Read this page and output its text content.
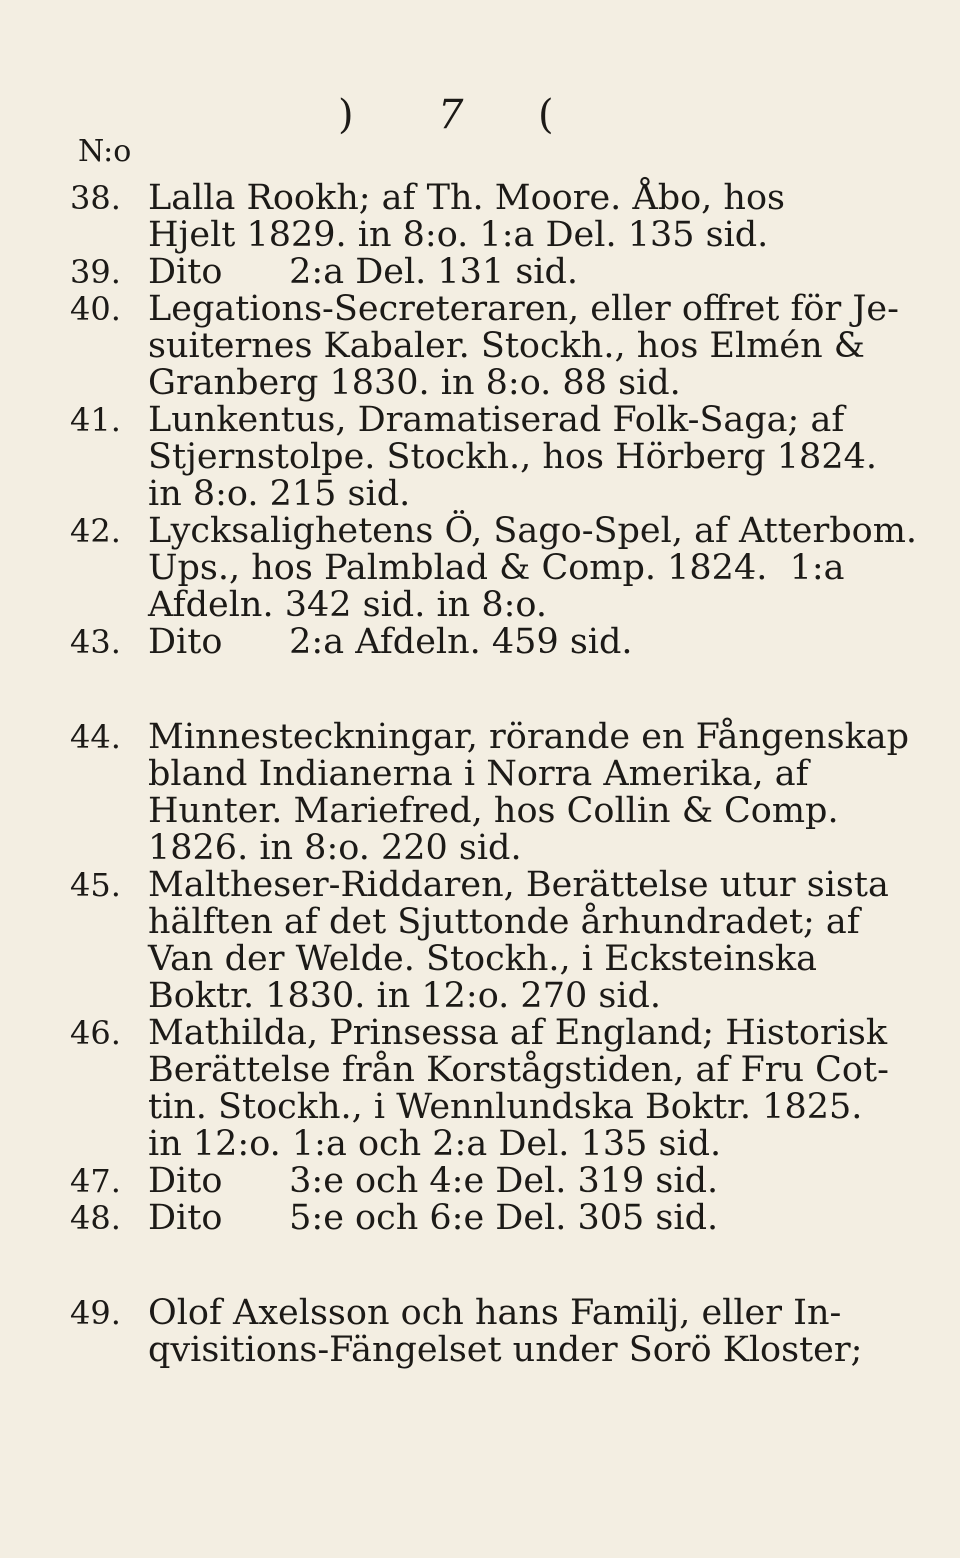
N:o
) 7 (
38. Lalla Rookh; af Th. Moore. Åbo, hos
Hjelt 1829. in 8:o. 1:a Del. 135 sid.
39. Dito      2:a Del. 131 sid.
40. Legations-Secreteraren, eller offret för Je-
suiternes Kabaler. Stockh., hos Elmén &
Granberg 1830. in 8:o. 88 sid.
41. Lunkentus, Dramatiserad Folk-Saga; af
Stjernstolpe. Stockh., hos Hörberg 1824.
in 8:o. 215 sid.
42. Lycksalighetens Ö, Sago-Spel, af Atterbom.
Ups., hos Palmblad & Comp. 1824.  1:a
Afdeln. 342 sid. in 8:o.
43. Dito      2:a Afdeln. 459 sid.
44. Minnesteckningar, rörande en Fångenskap
bland Indianerna i Norra Amerika, af
Hunter. Mariefred, hos Collin & Comp.
1826. in 8:o. 220 sid.
45. Maltheser-Riddaren, Berättelse utur sista
hälften af det Sjuttonde århundradet; af
Van der Welde. Stockh., i Ecksteinska
Boktr. 1830. in 12:o. 270 sid.
46. Mathilda, Prinsessa af England; Historisk
Berättelse från Korstågstiden, af Fru Cot-
tin. Stockh., i Wennlundska Boktr. 1825.
in 12:o. 1:a och 2:a Del. 135 sid.
47. Dito      3:e och 4:e Del. 319 sid.
48. Dito      5:e och 6:e Del. 305 sid.
49. Olof Axelsson och hans Familj, eller In-
qvisitions-Fängelset under Sorö Kloster;
